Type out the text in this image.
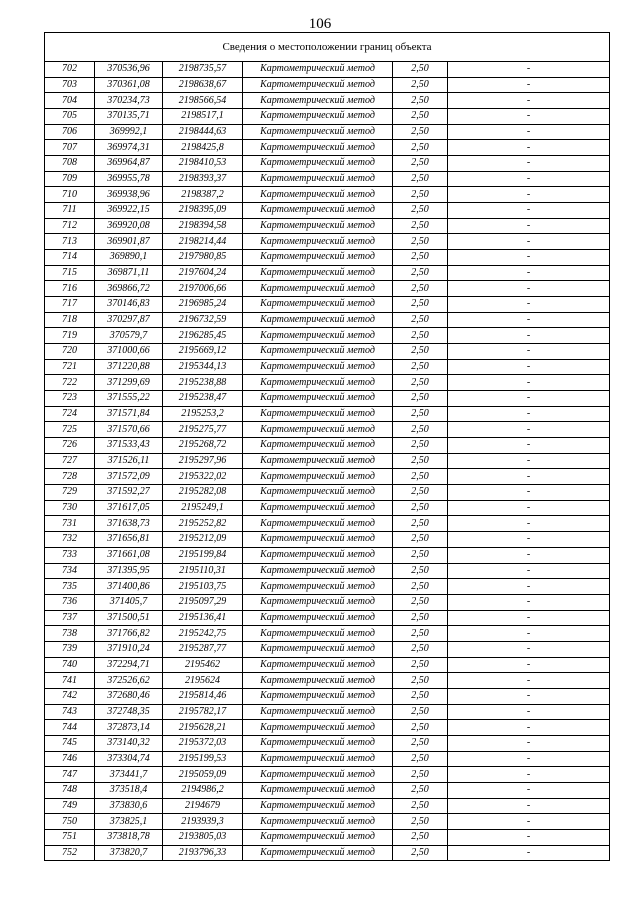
106
Сведения о местоположении границ объекта					
702	370536,96	2198735,57	Картометрический метод	2,50	-
703	370361,08	2198638,67	Картометрический метод	2,50	-
704	370234,73	2198566,54	Картометрический метод	2,50	-
705	370135,71	2198517,1	Картометрический метод	2,50	-
706	369992,1	2198444,63	Картометрический метод	2,50	-
707	369974,31	2198425,8	Картометрический метод	2,50	-
708	369964,87	2198410,53	Картометрический метод	2,50	-
709	369955,78	2198393,37	Картометрический метод	2,50	-
710	369938,96	2198387,2	Картометрический метод	2,50	-
711	369922,15	2198395,09	Картометрический метод	2,50	-
712	369920,08	2198394,58	Картометрический метод	2,50	-
713	369901,87	2198214,44	Картометрический метод	2,50	-
714	369890,1	2197980,85	Картометрический метод	2,50	-
715	369871,11	2197604,24	Картометрический метод	2,50	-
716	369866,72	2197006,66	Картометрический метод	2,50	-
717	370146,83	2196985,24	Картометрический метод	2,50	-
718	370297,87	2196732,59	Картометрический метод	2,50	-
719	370579,7	2196285,45	Картометрический метод	2,50	-
720	371000,66	2195669,12	Картометрический метод	2,50	-
721	371220,88	2195344,13	Картометрический метод	2,50	-
722	371299,69	2195238,88	Картометрический метод	2,50	-
723	371555,22	2195238,47	Картометрический метод	2,50	-
724	371571,84	2195253,2	Картометрический метод	2,50	-
725	371570,66	2195275,77	Картометрический метод	2,50	-
726	371533,43	2195268,72	Картометрический метод	2,50	-
727	371526,11	2195297,96	Картометрический метод	2,50	-
728	371572,09	2195322,02	Картометрический метод	2,50	-
729	371592,27	2195282,08	Картометрический метод	2,50	-
730	371617,05	2195249,1	Картометрический метод	2,50	-
731	371638,73	2195252,82	Картометрический метод	2,50	-
732	371656,81	2195212,09	Картометрический метод	2,50	-
733	371661,08	2195199,84	Картометрический метод	2,50	-
734	371395,95	2195110,31	Картометрический метод	2,50	-
735	371400,86	2195103,75	Картометрический метод	2,50	-
736	371405,7	2195097,29	Картометрический метод	2,50	-
737	371500,51	2195136,41	Картометрический метод	2,50	-
738	371766,82	2195242,75	Картометрический метод	2,50	-
739	371910,24	2195287,77	Картометрический метод	2,50	-
740	372294,71	2195462	Картометрический метод	2,50	-
741	372526,62	2195624	Картометрический метод	2,50	-
742	372680,46	2195814,46	Картометрический метод	2,50	-
743	372748,35	2195782,17	Картометрический метод	2,50	-
744	372873,14	2195628,21	Картометрический метод	2,50	-
745	373140,32	2195372,03	Картометрический метод	2,50	-
746	373304,74	2195199,53	Картометрический метод	2,50	-
747	373441,7	2195059,09	Картометрический метод	2,50	-
748	373518,4	2194986,2	Картометрический метод	2,50	-
749	373830,6	2194679	Картометрический метод	2,50	-
750	373825,1	2193939,3	Картометрический метод	2,50	-
751	373818,78	2193805,03	Картометрический метод	2,50	-
752	373820,7	2193796,33	Картометрический метод	2,50	-
